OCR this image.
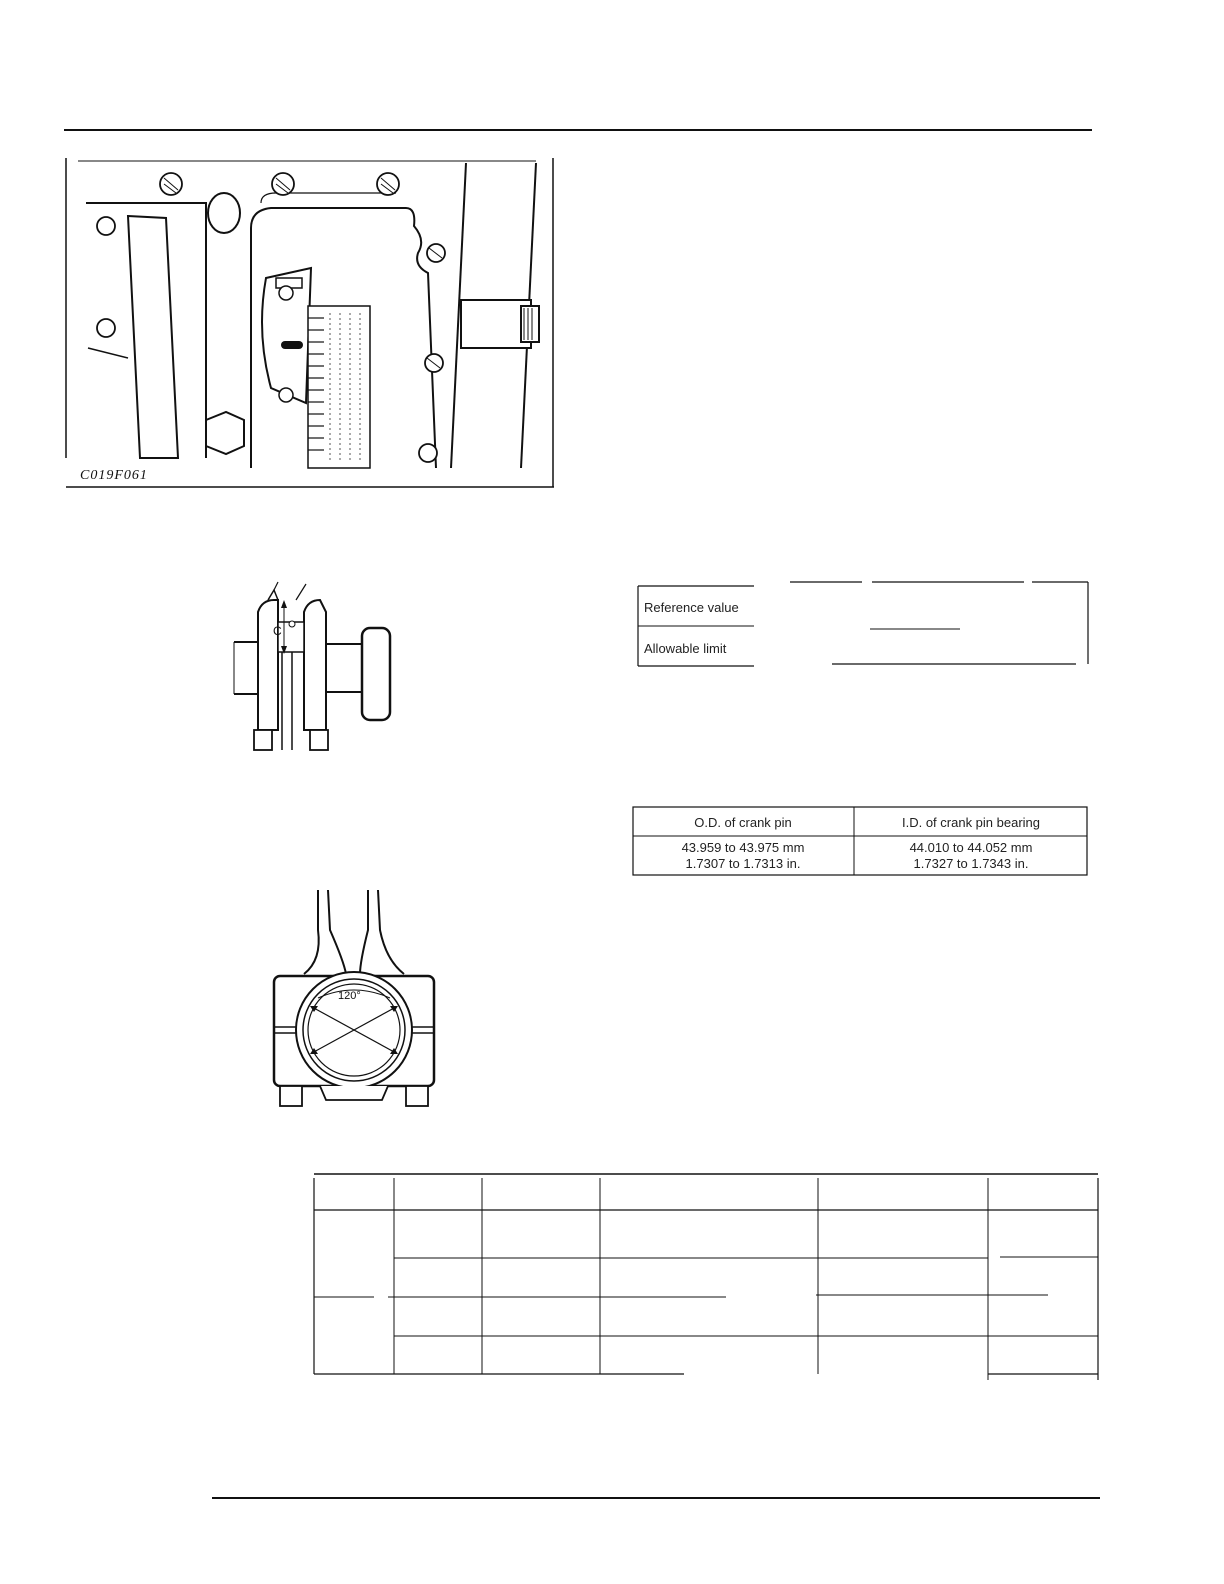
C019F061
C
120°
Reference value
Allowable limit
O.D. of crank pin	I.D. of crank pin bearing
43.959 to 43.975 mm
1.7307 to 1.7313 in.
44.010 to 44.052 mm
1.7327 to 1.7343 in.
